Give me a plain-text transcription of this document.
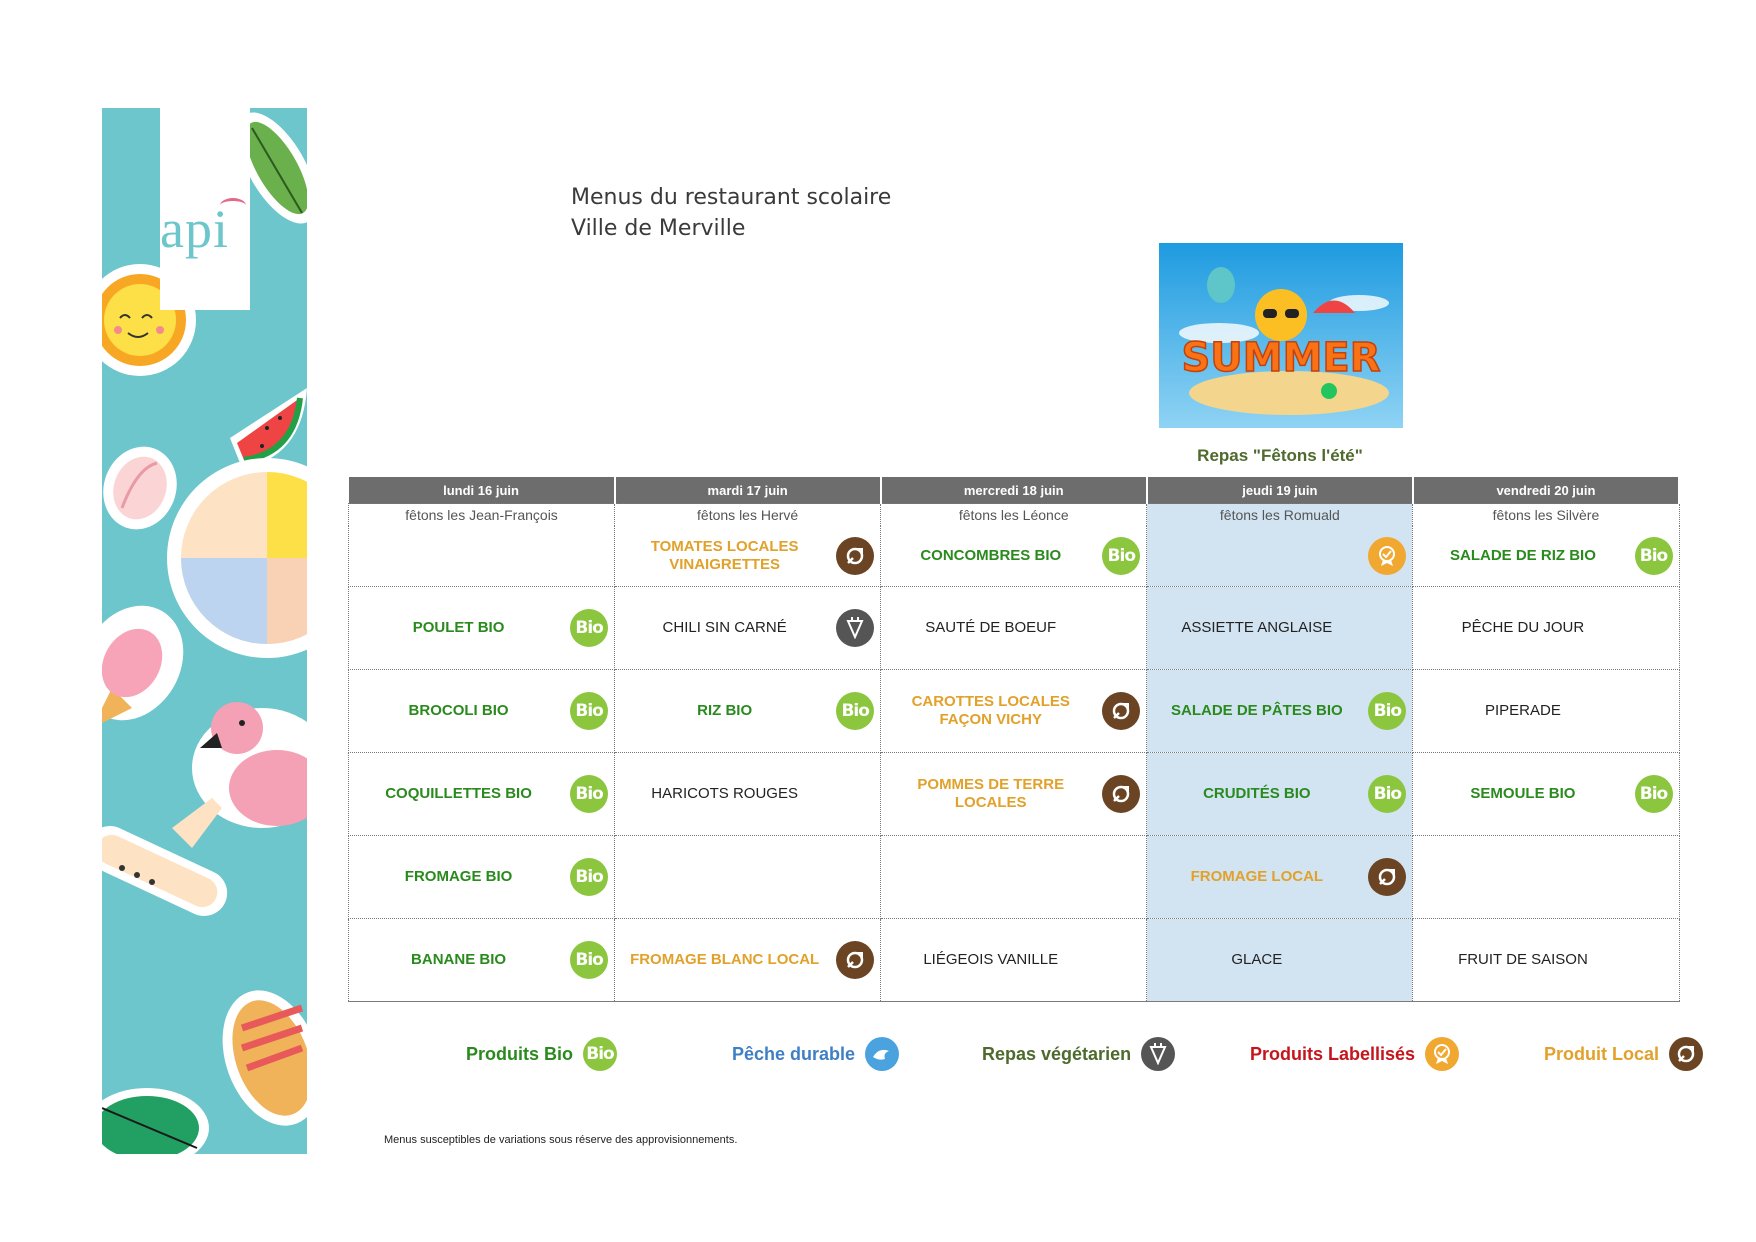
api
Menus du restaurant scolaire
Ville de Merville
SUMMER
Repas "Fêtons l'été"
lundi 16 juin	mardi 17 juin	mercredi 18 juin	jeudi 19 juin	vendredi 20 juin
fêtons les Jean-François	fêtons les Hervé	fêtons les Léonce	fêtons les Romuald	fêtons les Silvère

	TOMATES LOCALES VINAIGRETTES	CONCOMBRES BIO Bio		SALADE DE RIZ BIO Bio

POULET BIO Bio	CHILI SIN CARNÉ	SAUTÉ DE BOEUF	ASSIETTE ANGLAISE	PÊCHE DU JOUR

BROCOLI BIO Bio	RIZ BIO Bio	CAROTTES LOCALES FAÇON VICHY	SALADE DE PÂTES BIO Bio	PIPERADE

COQUILLETTES BIO Bio	HARICOTS ROUGES	POMMES DE TERRE LOCALES	CRUDITÉS BIO Bio	SEMOULE BIO Bio

FROMAGE BIO Bio			FROMAGE LOCAL	

BANANE BIO Bio	FROMAGE BLANC LOCAL	LIÉGEOIS VANILLE	GLACE	FRUIT DE SAISON
Produits Bio Bio	Pêche durable	Repas végétarien	Produits Labellisés	Produit Local
Menus susceptibles de variations sous réserve des approvisionnements.
